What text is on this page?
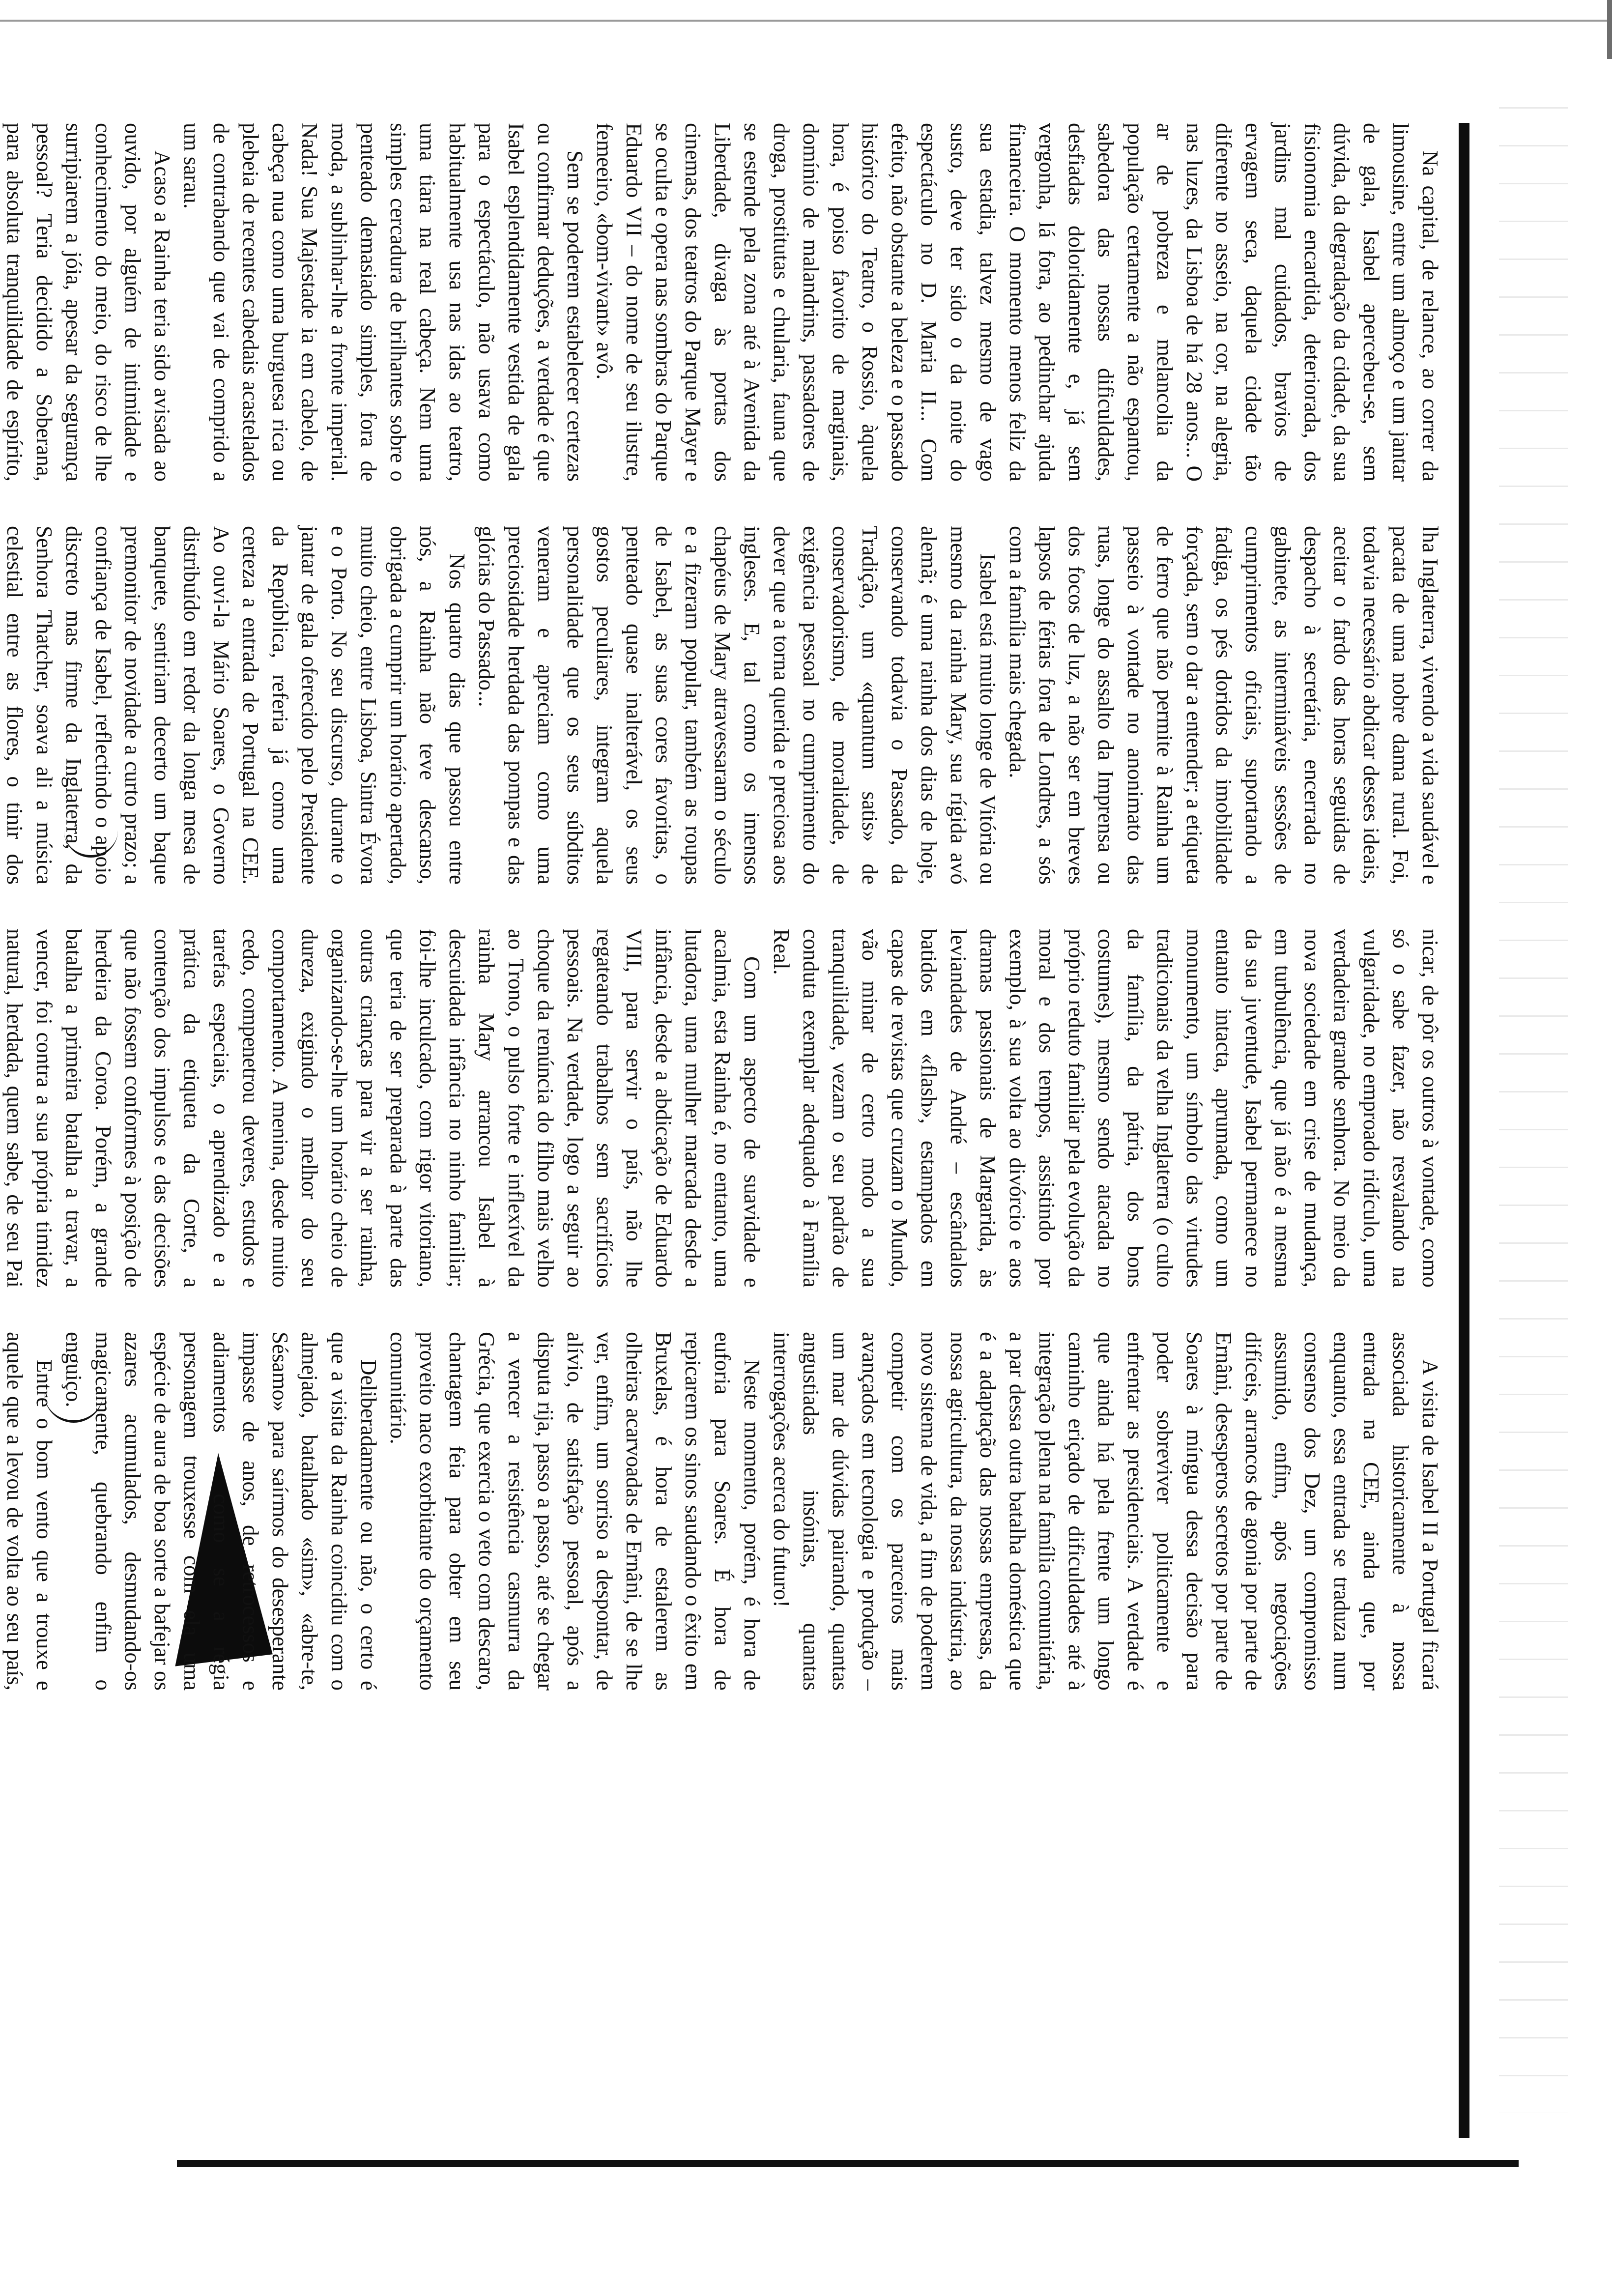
Na capital, de relance, ao correr da limousine, entre um almoço e um jantar de gala, Isabel apercebeu-se, sem dúvida, da degradação da cidade, da sua fisionomia encardida, deteriorada, dos jardins mal cuidados, bravios de ervagem seca, daquela cidade tão diferente no asseio, na cor, na alegria, nas luzes, da Lisboa de há 28 anos... O ar de pobreza e melancolia da população certamente a não espantou, sabedora das nossas dificuldades, desfiadas doloridamente e, já sem vergonha, lá fora, ao pedinchar ajuda financeira. O momento menos feliz da sua estadia, talvez mesmo de vago susto, deve ter sido o da noite do espectáculo no D. Maria II... Com efeito, não obstante a beleza e o passado histórico do Teatro, o Rossio, àquela hora, é poiso favorito de marginais, domínio de malandrins, passadores de droga, prostitutas e chularia, fauna que se estende pela zona até à Avenida da Liberdade, divaga às portas dos cinemas, dos teatros do Parque Mayer e se oculta e opera nas sombras do Parque Eduardo VII – do nome de seu ilustre, femeeiro, «bom-vivant» avô.

Sem se poderem estabelecer certezas ou confirmar deduções, a verdade é que Isabel esplendidamente vestida de gala para o espectáculo, não usava como habitualmente usa nas idas ao teatro, uma tiara na real cabeça. Nem uma simples cercadura de brilhantes sobre o penteado demasiado simples, fora de moda, a sublinhar-lhe a fronte imperial. Nada! Sua Majestade ia em cabelo, de cabeça nua como uma burguesa rica ou plebeia de recentes cabedais acastelados de contrabando que vai de comprido a um sarau.

Acaso a Rainha teria sido avisada ao ouvido, por alguém de intimidade e conhecimento do meio, do risco de lhe surripiarem a jóia, apesar da segurança pessoal? Teria decidido a Soberana, para absoluta tranquilidade de espírito,

lha Inglaterra, vivendo a vida saudável e pacata de uma nobre dama rural. Foi, todavia necessário abdicar desses ideais, aceitar o fardo das horas seguidas de despacho à secretária, encerrada no gabinete, as intermináveis sessões de cumprimentos oficiais, suportando a fadiga, os pés doridos da imobilidade forçada, sem o dar a entender; a etiqueta de ferro que não permite à Rainha um passeio à vontade no anonimato das ruas, longe do assalto da Imprensa ou dos focos de luz, a não ser em breves lapsos de férias fora de Londres, a sós com a família mais chegada.

Isabel está muito longe de Vitória ou mesmo da rainha Mary, sua rígida avó alemã; é uma rainha dos dias de hoje, conservando todavia o Passado, da Tradição, um «quantum satis» de conservadorismo, de moralidade, de exigência pessoal no cumprimento do dever que a torna querida e preciosa aos ingleses. E, tal como os imensos chapéus de Mary atravessaram o século e a fizeram popular, também as roupas de Isabel, as suas cores favoritas, o penteado quase inalterável, os seus gostos peculiares, integram aquela personalidade que os seus súbditos veneram e apreciam como uma preciosidade herdada das pompas e das glórias do Passado...

Nos quatro dias que passou entre nós, a Rainha não teve descanso, obrigada a cumprir um horário apertado, muito cheio, entre Lisboa, Sintra Évora e o Porto. No seu discurso, durante o jantar de gala oferecido pelo Presidente da República, referia já como uma certeza a entrada de Portugal na CEE. Ao ouvi-la Mário Soares, o Governo distribuído em redor da longa mesa de banquete, sentiriam decerto um baque premonitor de novidade a curto prazo; a confiança de Isabel, reflectindo o apoio discreto mas firme da Inglaterra, da Senhora Thatcher, soava ali a música celestial entre as flores, o tinir dos

nicar, de pôr os outros à vontade, como só o sabe fazer, não resvalando na vulgaridade, no emproado ridículo, uma verdadeira grande senhora. No meio da nova sociedade em crise de mudança, em turbulência, que já não é a mesma da sua juventude, Isabel permanece no entanto intacta, aprumada, como um monumento, um símbolo das virtudes tradicionais da velha Inglaterra (o culto da família, da pátria, dos bons costumes), mesmo sendo atacada no próprio reduto familiar pela evolução da moral e dos tempos, assistindo por exemplo, à sua volta ao divórcio e aos dramas passionais de Margarida, às leviandades de André – escândalos batidos em «flash», estampados em capas de revistas que cruzam o Mundo, vão minar de certo modo a sua tranquilidade, vezam o seu padrão de conduta exemplar adequado à Família Real.

Com um aspecto de suavidade e acalmia, esta Rainha é, no entanto, uma lutadora, uma mulher marcada desde a infância, desde a abdicação de Eduardo VIII, para servir o país, não lhe regateando trabalhos sem sacrifícios pessoais. Na verdade, logo a seguir ao choque da renúncia do filho mais velho ao Trono, o pulso forte e inflexível da rainha Mary arrancou Isabel à descuidada infância no ninho familiar; foi-lhe inculcado, com rigor vitoriano, que teria de ser preparada à parte das outras crianças para vir a ser rainha, organizando-se-lhe um horário cheio de dureza, exigindo o melhor do seu comportamento. A menina, desde muito cedo, compenetrou deveres, estudos e tarefas especiais, o aprendizado e a prática da etiqueta da Corte, a contenção dos impulsos e das decisões que não fossem conformes à posição de herdeira da Coroa. Porém, a grande batalha a primeira batalha a travar, a vencer, foi contra a sua própria timidez natural, herdada, quem sabe, de seu Pai

A visita de Isabel II a Portugal ficará associada historicamente à nossa entrada na CEE, ainda que, por enquanto, essa entrada se traduza num consenso dos Dez, um compromisso assumido, enfim, após negociações difíceis, arrancos de agonia por parte de Ernâni, desesperos secretos por parte de Soares à míngua dessa decisão para poder sobreviver politicamente e enfrentar as presidenciais. A verdade é que ainda há pela frente um longo caminho eriçado de dificuldades até à integração plena na família comunitária, a par dessa outra batalha doméstica que é a adaptação das nossas empresas, da nossa agricultura, da nossa indústria, ao novo sistema de vida, a fim de poderem competir com os parceiros mais avançados em tecnologia e produção – um mar de dúvidas pairando, quantas angustiadas insónias, quantas interrogações acerca do futuro!

Neste momento, porém, é hora de euforia para Soares. É hora de repicarem os sinos saudando o êxito em Bruxelas, é hora de estalerem as olheiras acarvoadas de Ernâni, de se lhe ver, enfim, um sorriso a despontar, de alívio, de satisfação pessoal, após a disputa rija, passo a passo, até se chegar a vencer a resistência casmurra da Grécia, que exercia o veto com descaro, chantagem feia para obter em seu proveito naco exorbitante do orçamento comunitário.

Deliberadamente ou não, o certo é que a visita da Rainha coincidiu com o almejado, batalhado «sim», «abre-te, Sésamo» para saírmos do desesperante impasse de anos, de retrocessos e adiamentos – como se a régia personagem trouxesse com ela uma espécie de aura de boa sorte a bafejar os azares acumulados, desmudando-os magicamente, quebrando enfim o enguiço.

Entre o bom vento que a trouxe e aquele que a levou de volta ao seu país,
